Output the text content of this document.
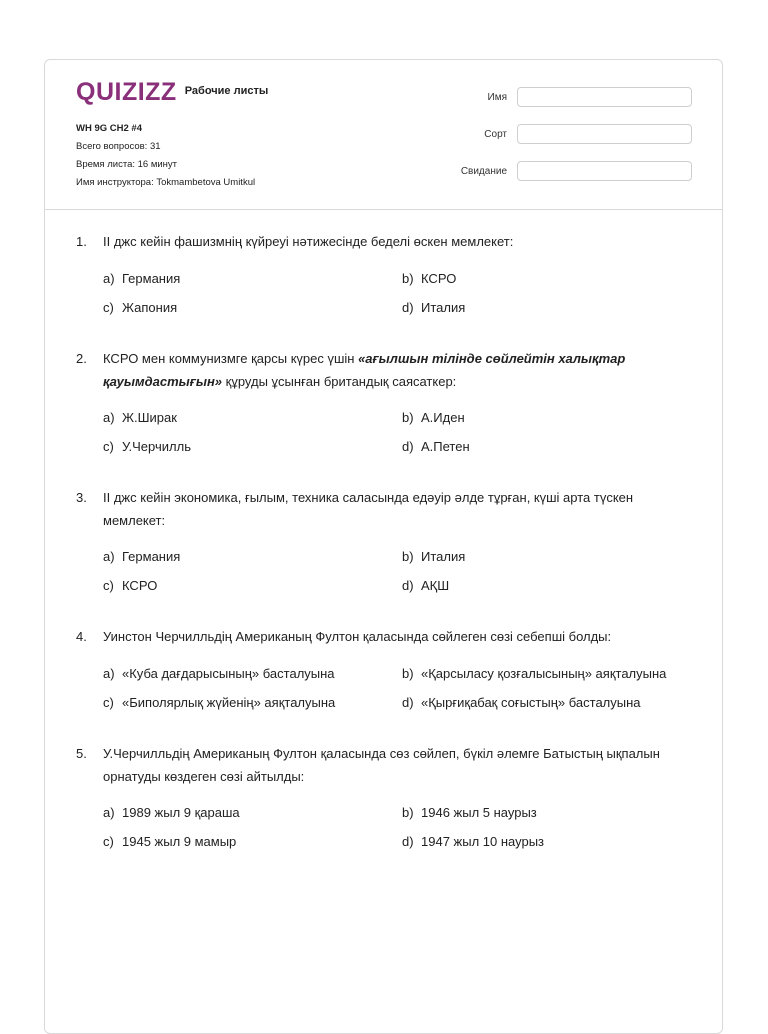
QUIZIZZ Рабочие листы
WH 9G CH2 #4
Всего вопросов: 31
Время листа: 16 минут
Имя инструктора: Tokmambetova Umitkul
Имя
Сорт
Свидание
1. II джс кейін фашизмнің күйреуі нәтижесінде беделі өскен мемлекет:
a) Германия	b) КСРО
c) Жапония	d) Италия
2. КСРО мен коммунизмге қарсы күрес үшін «ағылшын тілінде сөйлейтін халықтар қауымдастығын» құруды ұсынған британдық саясаткер:
a) Ж.Ширак	b) А.Иден
c) У.Черчилль	d) А.Петен
3. II джс кейін экономика, ғылым, техника саласында едәуір әлде тұрған, күші арта түскен мемлекет:
a) Германия	b) Италия
c) КСРО	d) АҚШ
4. Уинстон Черчилльдің Американың Фултон қаласында сөйлеген сөзі себепші болды:
a) «Куба дағдарысының» басталуына	b) «Қарсыласу қозғалысының» аяқталуына
c) «Биполярлық жүйенің» аяқталуына	d) «Қырғиқабақ соғыстың» басталуына
5. У.Черчилльдің Американың Фултон қаласында сөз сөйлеп, бүкіл әлемге Батыстың ықпалын орнатуды көздеген сөзі айтылды:
a) 1989 жыл 9 қараша	b) 1946 жыл 5 наурыз
c) 1945 жыл 9 мамыр	d) 1947 жыл 10 наурыз
